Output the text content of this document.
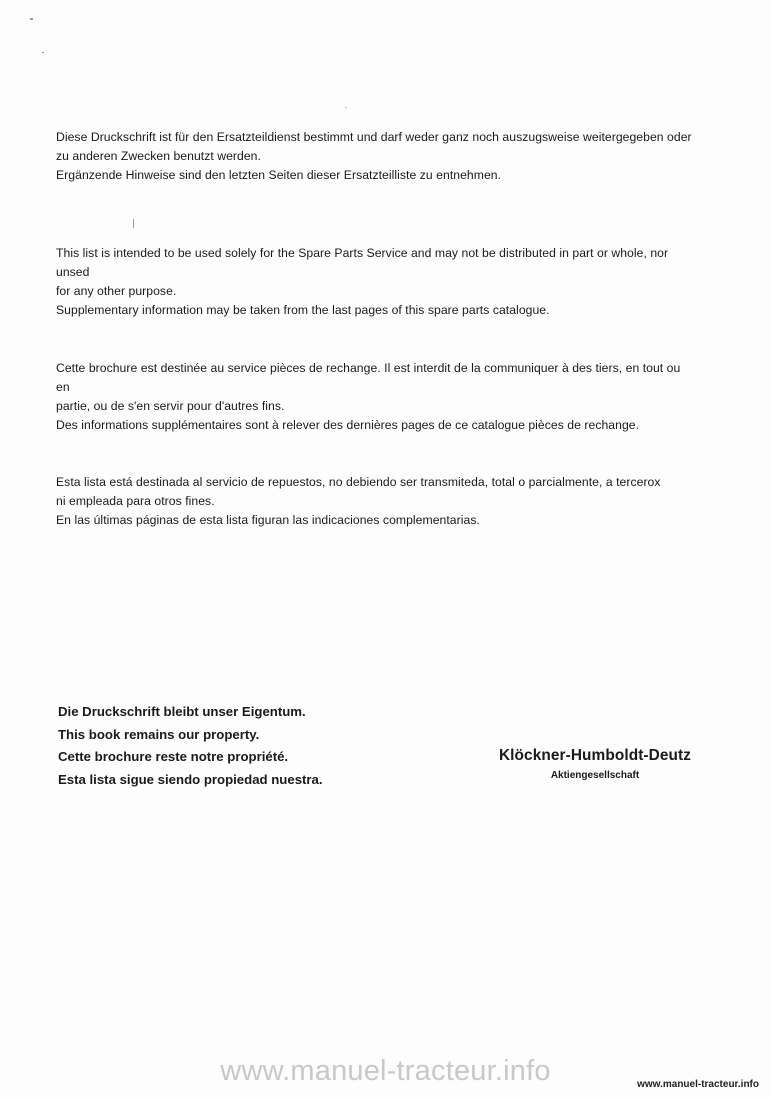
Diese Druckschrift ist für den Ersatzteildienst bestimmt und darf weder ganz noch auszugsweise weitergegeben oder

zu anderen Zwecken benutzt werden.

Ergänzende Hinweise sind den letzten Seiten dieser Ersatzteilliste zu entnehmen.

This list is intended to be used solely for the Spare Parts Service and may not be distributed in part or whole, nor unsed

for any other purpose.

Supplementary information may be taken from the last pages of this spare parts catalogue.

Cette brochure est destinée au service pièces de rechange. Il est interdit de la communiquer à des tiers, en tout ou en

partie, ou de s'en servir pour d'autres fins.

Des informations supplémentaires sont à relever des dernières pages de ce catalogue pièces de rechange.

Esta lista está destinada al servicio de repuestos, no debiendo ser transmiteda, total o parcialmente, a tercerox

ni empleada para otros fines.

En las últimas páginas de esta lista figuran las indicaciones complementarias.

Die Druckschrift bleibt unser Eigentum.

This book remains our property.

Cette brochure reste notre propriété.

Esta lista sigue siendo propiedad nuestra.

Klöckner-Humboldt-Deutz
Aktiengesellschaft
www.manuel-tracteur.info	www.manuel-tracteur.info
